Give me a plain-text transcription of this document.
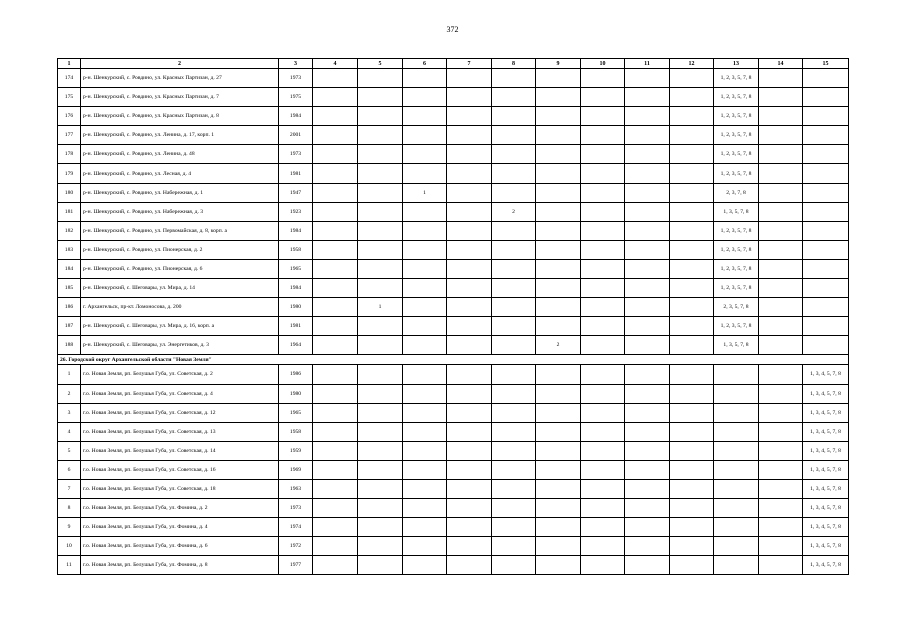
372
1	2	3	4	5	6	7	8	9	10	11	12	13	14	15
174	р-н. Шенкурский, с. Ровдино, ул. Красных Партизан, д. 27	1973										1, 2, 3, 5, 7, 8		
175	р-н. Шенкурский, с. Ровдино, ул. Красных Партизан, д. 7	1975										1, 2, 3, 5, 7, 8		
176	р-н. Шенкурский, с. Ровдино, ул. Красных Партизан, д. 8	1984										1, 2, 3, 5, 7, 8		
177	р-н. Шенкурский, с. Ровдино, ул. Ленина, д. 17, корп. 1	2001										1, 2, 3, 5, 7, 8		
178	р-н. Шенкурский, с. Ровдино, ул. Ленина, д. 48	1973										1, 2, 3, 5, 7, 8		
179	р-н. Шенкурский, с. Ровдино, ул. Лесная, д. 4	1981										1, 2, 3, 5, 7, 8		
180	р-н. Шенкурский, с. Ровдино, ул. Набережная, д. 1	1947			1							2, 3, 7, 8		
181	р-н. Шенкурский, с. Ровдино, ул. Набережная, д. 3	1923					2					1, 3, 5, 7, 8		
182	р-н. Шенкурский, с. Ровдино, ул. Первомайская, д. 8, корп. а	1984										1, 2, 3, 5, 7, 8		
183	р-н. Шенкурский, с. Ровдино, ул. Пионерская, д. 2	1958										1, 2, 3, 5, 7, 8		
184	р-н. Шенкурский, с. Ровдино, ул. Пионерская, д. 6	1965										1, 2, 3, 5, 7, 8		
185	р-н. Шенкурский, с. Шеговары, ул. Мира, д. 14	1984										1, 2, 3, 5, 7, 8		
186	г. Архангельск, пр-кт. Ломоносова, д. 200	1980		1								2, 3, 5, 7, 8		
187	р-н. Шенкурский, с. Шеговары, ул. Мира, д. 16, корп. а	1981										1, 2, 3, 5, 7, 8		
188	р-н. Шенкурский, с. Шеговары, ул. Энергетиков, д. 3	1964						2				1, 3, 5, 7, 8		
26. Городской округ Архангельской области "Новая Земля"														
1	г.о. Новая Земля, рп. Белушья Губа, ул. Советская, д. 2	1986												1, 3, 4, 5, 7, 8
2	г.о. Новая Земля, рп. Белушья Губа, ул. Советская, д. 4	1980												1, 3, 4, 5, 7, 8
3	г.о. Новая Земля, рп. Белушья Губа, ул. Советская, д. 12	1965												1, 3, 4, 5, 7, 8
4	г.о. Новая Земля, рп. Белушья Губа, ул. Советская, д. 13	1958												1, 3, 4, 5, 7, 8
5	г.о. Новая Земля, рп. Белушья Губа, ул. Советская, д. 14	1959												1, 3, 4, 5, 7, 8
6	г.о. Новая Земля, рп. Белушья Губа, ул. Советская, д. 16	1969												1, 3, 4, 5, 7, 8
7	г.о. Новая Земля, рп. Белушья Губа, ул. Советская, д. 18	1963												1, 3, 4, 5, 7, 8
8	г.о. Новая Земля, рп. Белушья Губа, ул. Фомина, д. 2	1973												1, 3, 4, 5, 7, 8
9	г.о. Новая Земля, рп. Белушья Губа, ул. Фомина, д. 4	1974												1, 3, 4, 5, 7, 8
10	г.о. Новая Земля, рп. Белушья Губа, ул. Фомина, д. 6	1972												1, 3, 4, 5, 7, 8
11	г.о. Новая Земля, рп. Белушья Губа, ул. Фомина, д. 8	1977												1, 3, 4, 5, 7, 8
